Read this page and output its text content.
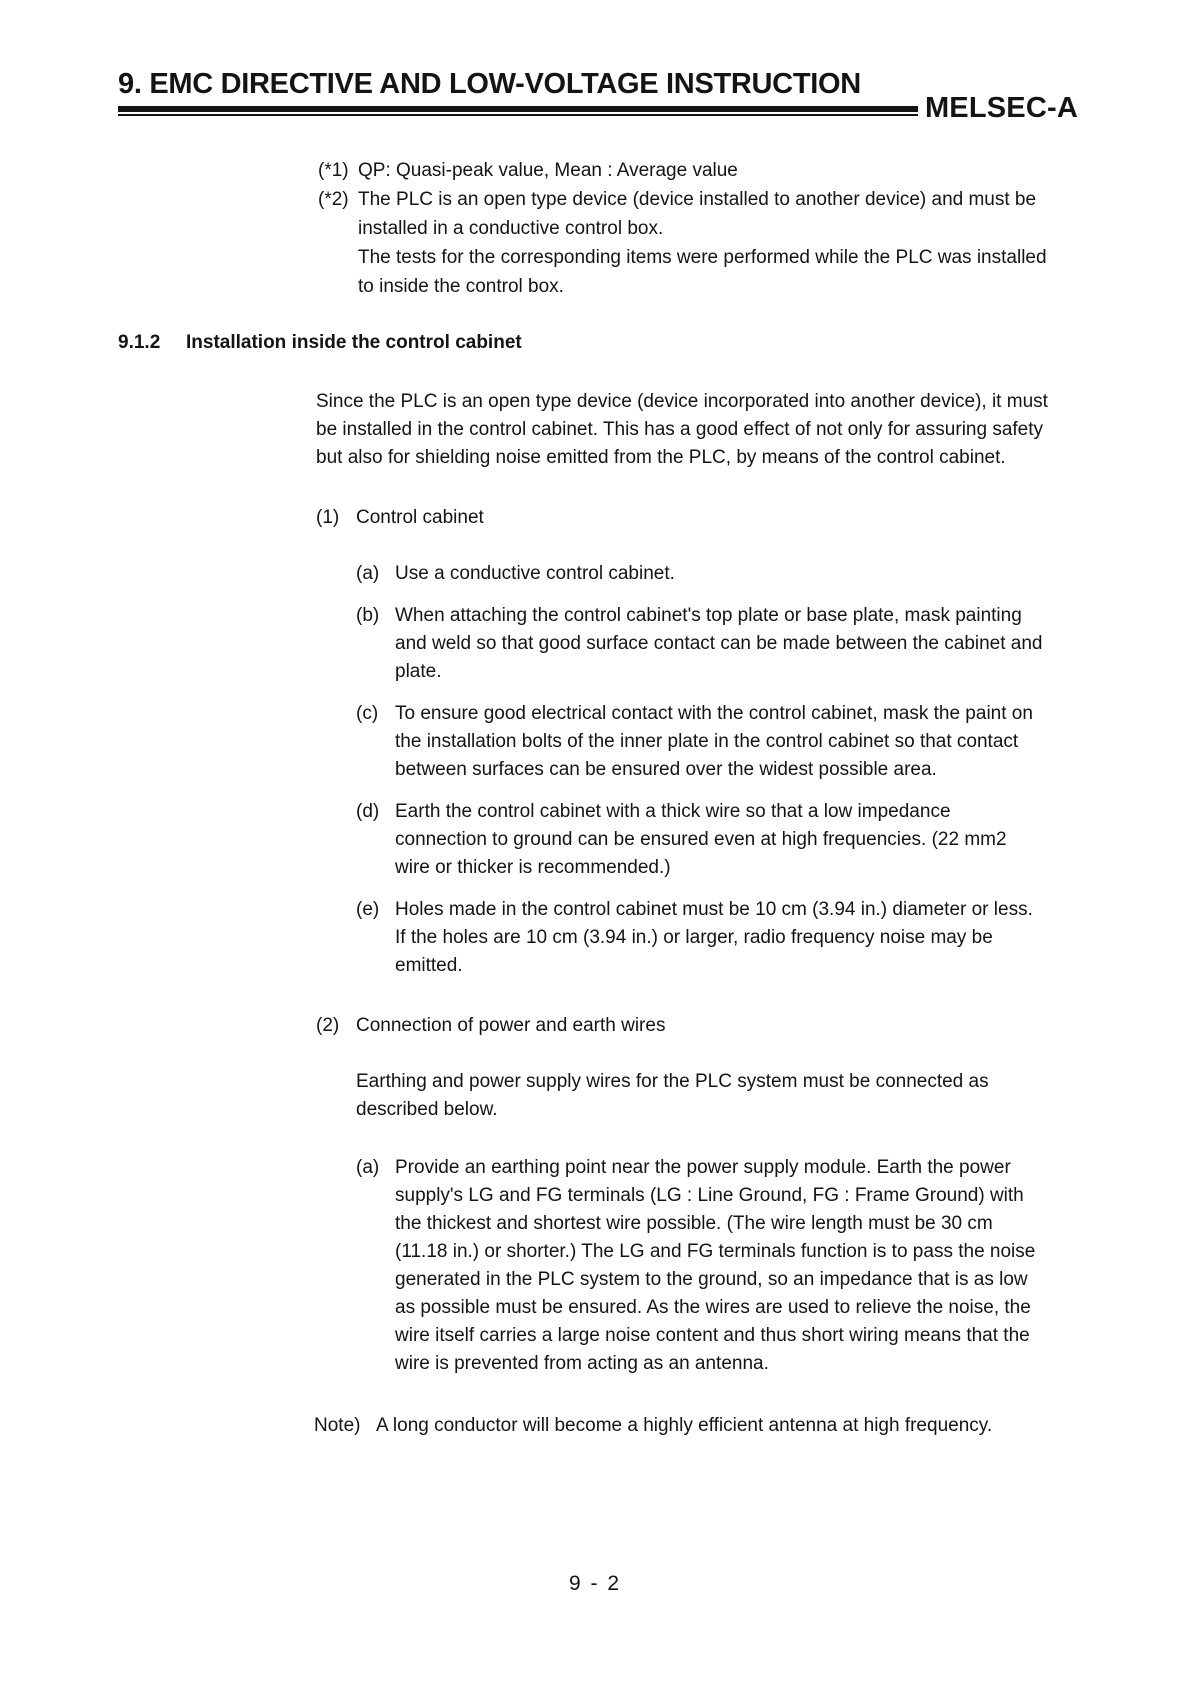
9. EMC DIRECTIVE AND LOW-VOLTAGE INSTRUCTION
MELSEC-A
(*1) QP: Quasi-peak value, Mean : Average value
(*2) The PLC is an open type device (device installed to another device) and must be
installed in a conductive control box.
The tests for the corresponding items were performed while the PLC was installed
to inside the control box.
9.1.2 Installation inside the control cabinet
Since the PLC is an open type device (device incorporated into another device), it must
be installed in the control cabinet. This has a good effect of not only for assuring safety
but also for shielding noise emitted from the PLC, by means of the control cabinet.
(1) Control cabinet
(a) Use a conductive control cabinet.
(b) When attaching the control cabinet's top plate or base plate, mask painting
and weld so that good surface contact can be made between the cabinet and
plate.
(c) To ensure good electrical contact with the control cabinet, mask the paint on
the installation bolts of the inner plate in the control cabinet so that contact
between surfaces can be ensured over the widest possible area.
(d) Earth the control cabinet with a thick wire so that a low impedance
connection to ground can be ensured even at high frequencies. (22 mm2
wire or thicker is recommended.)
(e) Holes made in the control cabinet must be 10 cm (3.94 in.) diameter or less.
If the holes are 10 cm (3.94 in.) or larger, radio frequency noise may be
emitted.
(2) Connection of power and earth wires
Earthing and power supply wires for the PLC system must be connected as
described below.
(a) Provide an earthing point near the power supply module. Earth the power
supply's LG and FG terminals (LG : Line Ground, FG : Frame Ground) with
the thickest and shortest wire possible. (The wire length must be 30 cm
(11.18 in.) or shorter.) The LG and FG terminals function is to pass the noise
generated in the PLC system to the ground, so an impedance that is as low
as possible must be ensured. As the wires are used to relieve the noise, the
wire itself carries a large noise content and thus short wiring means that the
wire is prevented from acting as an antenna.
Note) A long conductor will become a highly efficient antenna at high frequency.
9 - 2
